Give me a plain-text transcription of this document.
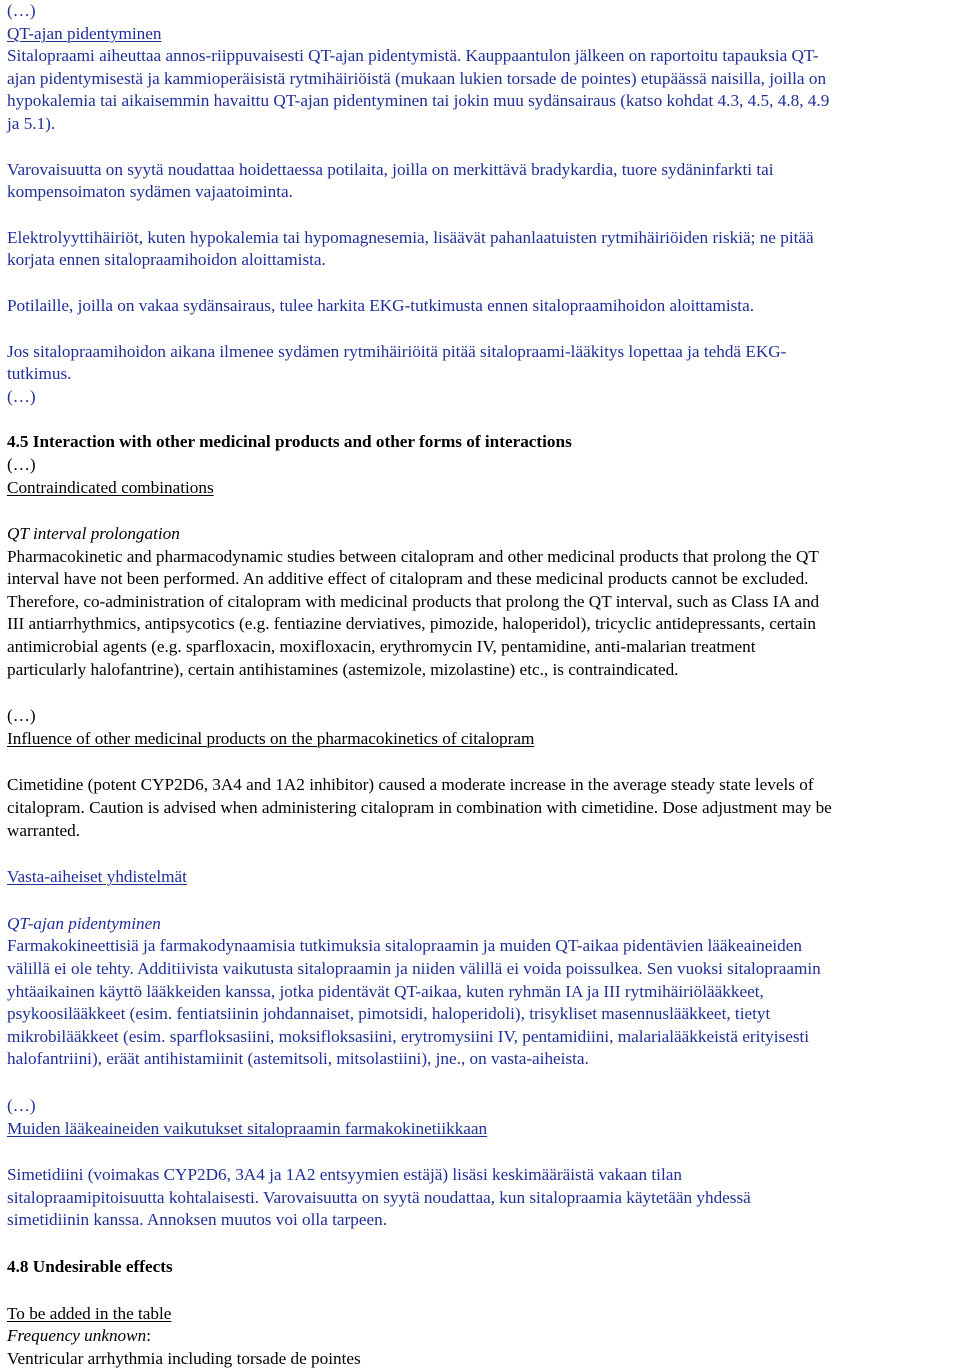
(…)
QT-ajan pidentyminen

Sitalopraami aiheuttaa annos-riippuvaisesti QT-ajan pidentymistä. Kauppaantulon jälkeen on raportoitu tapauksia QT-
ajan pidentymisestä ja kammioperäisistä rytmihäiriöistä (mukaan lukien torsade de pointes) etupäässä naisilla, joilla on
hypokalemia tai aikaisemmin havaittu QT-ajan pidentyminen tai jokin muu sydänsairaus (katso kohdat 4.3, 4.5, 4.8, 4.9
ja 5.1).

Varovaisuutta on syytä noudattaa hoidettaessa potilaita, joilla on merkittävä bradykardia, tuore sydäninfarkti tai
kompensoimaton sydämen vajaatoiminta.

Elektrolyyttihäiriöt, kuten hypokalemia tai hypomagnesemia, lisäävät pahanlaatuisten rytmihäiriöiden riskiä; ne pitää
korjata ennen sitalopraamihoidon aloittamista.

Potilaille, joilla on vakaa sydänsairaus, tulee harkita EKG-tutkimusta ennen sitalopraamihoidon aloittamista.

Jos sitalopraamihoidon aikana ilmenee sydämen rytmihäiriöitä pitää sitalopraami-lääkitys lopettaa ja tehdä EKG-
tutkimus.

(…)
4.5 Interaction with other medicinal products and other forms of interactions
(…)
Contraindicated combinations
QT interval prolongation

Pharmacokinetic and pharmacodynamic studies between citalopram and other medicinal products that prolong the QT
interval have not been performed. An additive effect of citalopram and these medicinal products cannot be excluded.
Therefore, co-administration of citalopram with medicinal products that prolong the QT interval, such as Class IA and
III antiarrhythmics, antipsycotics (e.g. fentiazine derviatives, pimozide, haloperidol), tricyclic antidepressants, certain
antimicrobial agents (e.g. sparfloxacin, moxifloxacin, erythromycin IV, pentamidine, anti-malarian treatment
particularly halofantrine), certain antihistamines (astemizole, mizolastine) etc., is contraindicated.

(…)
Influence of other medicinal products on the pharmacokinetics of citalopram

Cimetidine (potent CYP2D6, 3A4 and 1A2 inhibitor) caused a moderate increase in the average steady state levels of
citalopram. Caution is advised when administering citalopram in combination with cimetidine. Dose adjustment may be
warranted.

Vasta-aiheiset yhdistelmät
QT-ajan pidentyminen

Farmakokineettisiä ja farmakodynaamisia tutkimuksia sitalopraamin ja muiden QT-aikaa pidentävien lääkeaineiden
välillä ei ole tehty. Additiivista vaikutusta sitalopraamin ja niiden välillä ei voida poissulkea. Sen vuoksi sitalopraamin
yhtäaikainen käyttö lääkkeiden kanssa, jotka pidentävät QT-aikaa, kuten ryhmän IA ja III rytmihäiriölääkkeet,
psykoosilääkkeet (esim. fentiatsiinin johdannaiset, pimotsidi, haloperidoli), trisykliset masennuslääkkeet, tietyt
mikrobilääkkeet (esim. sparfloksasiini, moksifloksasiini, erytromysiini IV, pentamidiini, malarialääkkeistä erityisesti
halofantriini), eräät antihistamiinit (astemitsoli, mitsolastiini), jne., on vasta-aiheista.

(…)
Muiden lääkeaineiden vaikutukset sitalopraamin farmakokinetiikkaan

Simetidiini (voimakas CYP2D6, 3A4 ja 1A2 entsyymien estäjä) lisäsi keskimääräistä vakaan tilan
sitalopraamipitoisuutta kohtalaisesti. Varovaisuutta on syytä noudattaa, kun sitalopraamia käytetään yhdessä
simetidiinin kanssa. Annoksen muutos voi olla tarpeen.

4.8 Undesirable effects
To be added in the table
Frequency unknown:
Ventricular arrhythmia including torsade de pointes
